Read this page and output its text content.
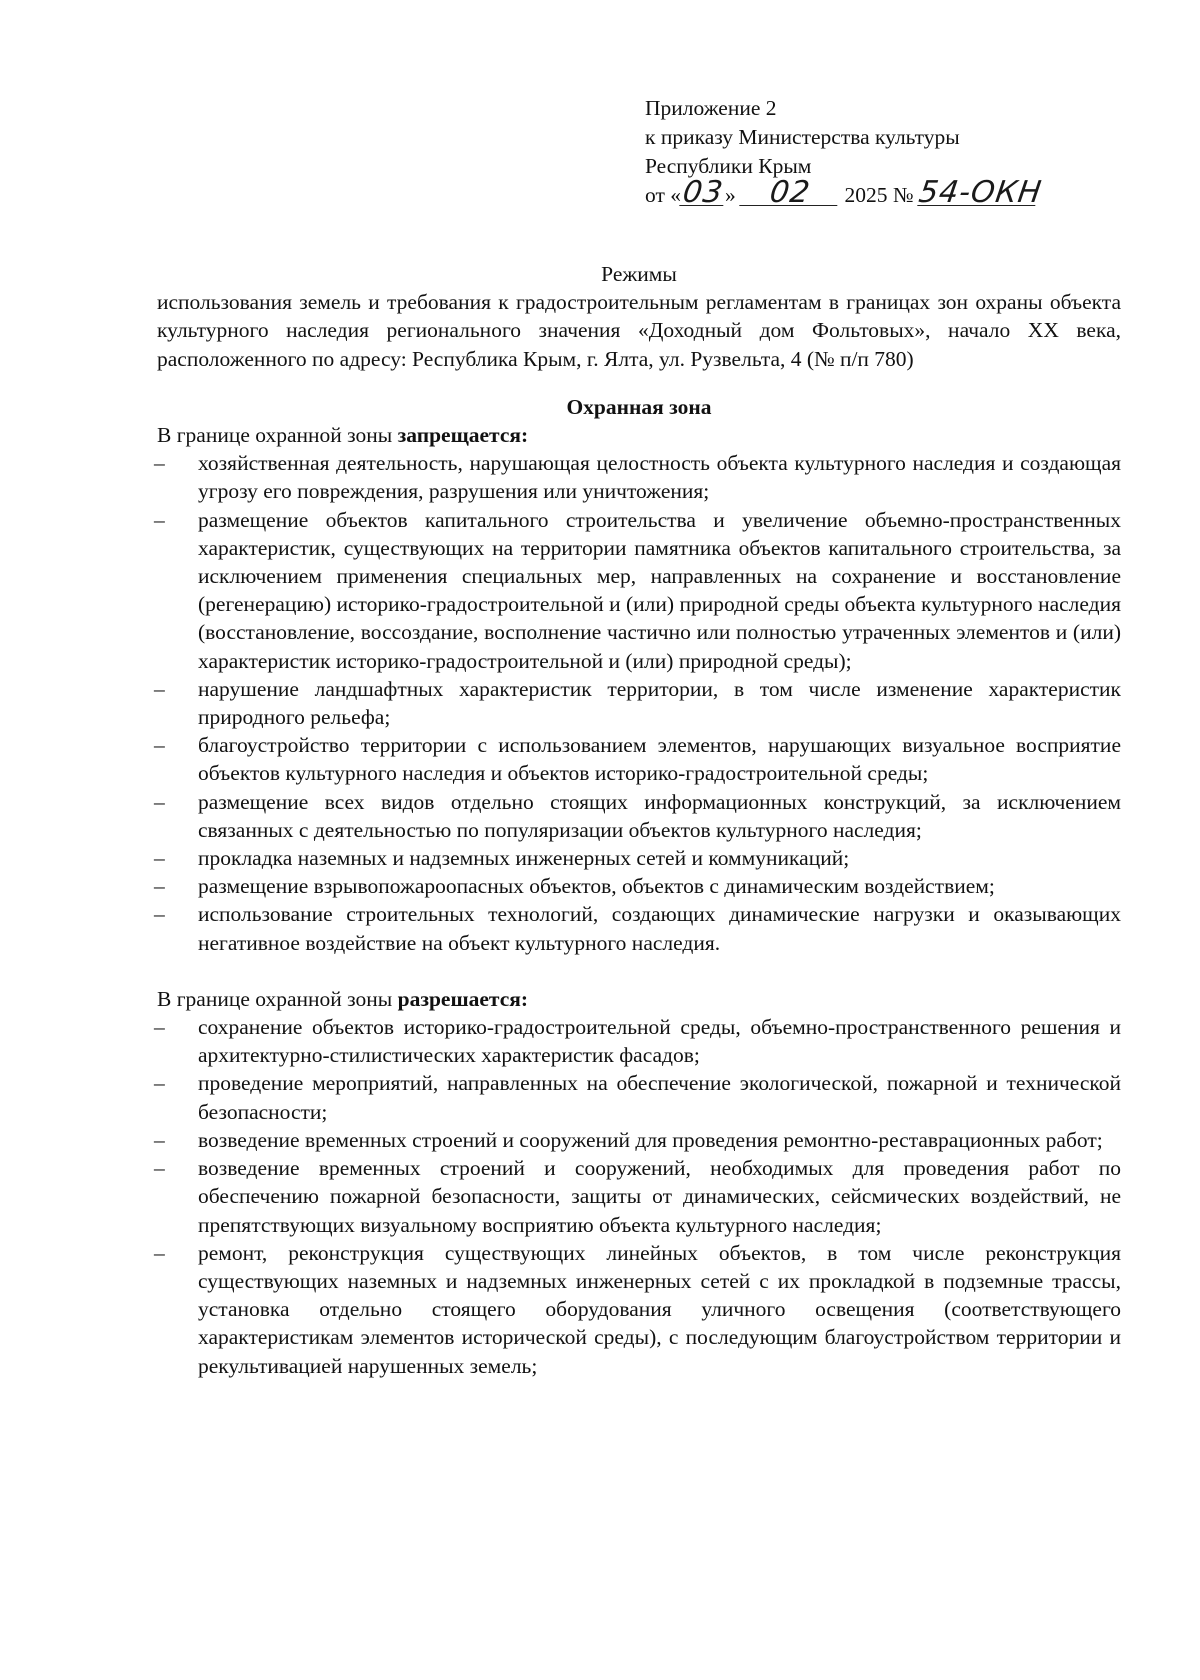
Приложение 2
к приказу Министерства культуры
Республики Крым
от «03» 02 2025 № 54-ОКН

Режимы

использования земель и требования к градостроительным регламентам в границах зон охраны объекта культурного наследия регионального значения «Доходный дом Фольтовых», начало XX века, расположенного по адресу: Республика Крым, г. Ялта, ул. Рузвельта, 4 (№ п/п 780)

Охранная зона

В границе охранной зоны запрещается:

– хозяйственная деятельность, нарушающая целостность объекта культурного наследия и создающая угрозу его повреждения, разрушения или уничтожения;
– размещение объектов капитального строительства и увеличение объемно-пространственных характеристик, существующих на территории памятника объектов капитального строительства, за исключением применения специальных мер, направленных на сохранение и восстановление (регенерацию) историко-градостроительной и (или) природной среды объекта культурного наследия (восстановление, воссоздание, восполнение частично или полностью утраченных элементов и (или) характеристик историко-градостроительной и (или) природной среды);
– нарушение ландшафтных характеристик территории, в том числе изменение характеристик природного рельефа;
– благоустройство территории с использованием элементов, нарушающих визуальное восприятие объектов культурного наследия и объектов историко-градостроительной среды;
– размещение всех видов отдельно стоящих информационных конструкций, за исключением связанных с деятельностью по популяризации объектов культурного наследия;
– прокладка наземных и надземных инженерных сетей и коммуникаций;
– размещение взрывопожароопасных объектов, объектов с динамическим воздействием;
– использование строительных технологий, создающих динамические нагрузки и оказывающих негативное воздействие на объект культурного наследия.

В границе охранной зоны разрешается:

– сохранение объектов историко-градостроительной среды, объемно-пространственного решения и архитектурно-стилистических характеристик фасадов;
– проведение мероприятий, направленных на обеспечение экологической, пожарной и технической безопасности;
– возведение временных строений и сооружений для проведения ремонтно-реставрационных работ;
– возведение временных строений и сооружений, необходимых для проведения работ по обеспечению пожарной безопасности, защиты от динамических, сейсмических воздействий, не препятствующих визуальному восприятию объекта культурного наследия;
– ремонт, реконструкция существующих линейных объектов, в том числе реконструкция существующих наземных и надземных инженерных сетей с их прокладкой в подземные трассы, установка отдельно стоящего оборудования уличного освещения (соответствующего характеристикам элементов исторической среды), с последующим благоустройством территории и рекультивацией нарушенных земель;
